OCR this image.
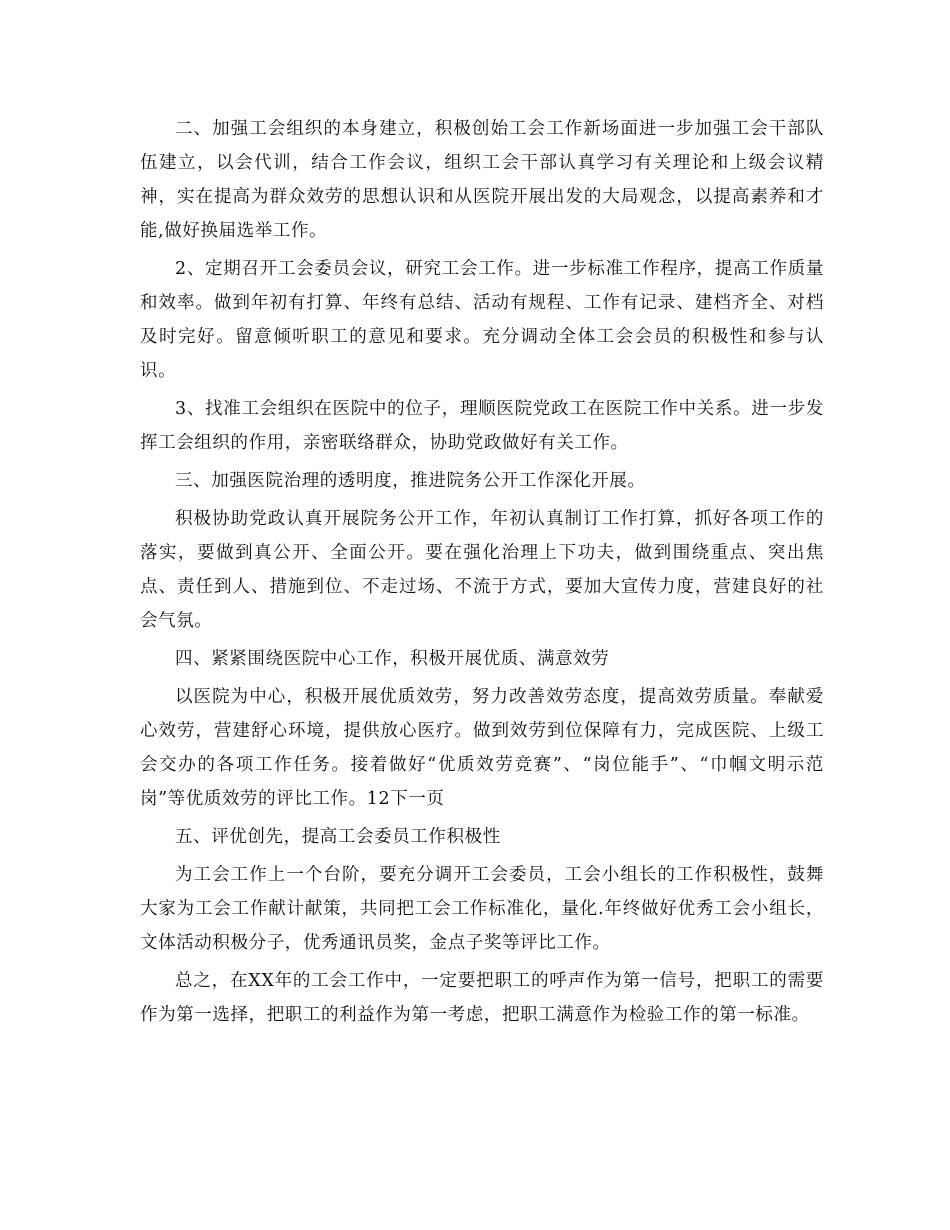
二、加强工会组织的本身建立，积极创始工会工作新场面进一步加强工会干部队伍建立，以会代训，结合工作会议，组织工会干部认真学习有关理论和上级会议精神，实在提高为群众效劳的思想认识和从医院开展出发的大局观念，以提高素养和才能,做好换届选举工作。

2、定期召开工会委员会议，研究工会工作。进一步标准工作程序，提高工作质量和效率。做到年初有打算、年终有总结、活动有规程、工作有记录、建档齐全、对档及时完好。留意倾听职工的意见和要求。充分调动全体工会会员的积极性和参与认识。

3、找准工会组织在医院中的位子，理顺医院党政工在医院工作中关系。进一步发挥工会组织的作用，亲密联络群众，协助党政做好有关工作。

三、加强医院治理的透明度，推进院务公开工作深化开展。

积极协助党政认真开展院务公开工作，年初认真制订工作打算，抓好各项工作的落实，要做到真公开、全面公开。要在强化治理上下功夫，做到围绕重点、突出焦点、责任到人、措施到位、不走过场、不流于方式，要加大宣传力度，营建良好的社会气氛。

四、紧紧围绕医院中心工作，积极开展优质、满意效劳

以医院为中心，积极开展优质效劳，努力改善效劳态度，提高效劳质量。奉献爱心效劳，营建舒心环境，提供放心医疗。做到效劳到位保障有力，完成医院、上级工会交办的各项工作任务。接着做好“优质效劳竞赛”、“岗位能手”、“巾帼文明示范岗”等优质效劳的评比工作。12下一页

五、评优创先，提高工会委员工作积极性

为工会工作上一个台阶，要充分调开工会委员，工会小组长的工作积极性，鼓舞大家为工会工作献计献策，共同把工会工作标准化，量化.年终做好优秀工会小组长，文体活动积极分子，优秀通讯员奖，金点子奖等评比工作。

总之，在XX年的工会工作中，一定要把职工的呼声作为第一信号，把职工的需要作为第一选择，把职工的利益作为第一考虑，把职工满意作为检验工作的第一标准。
